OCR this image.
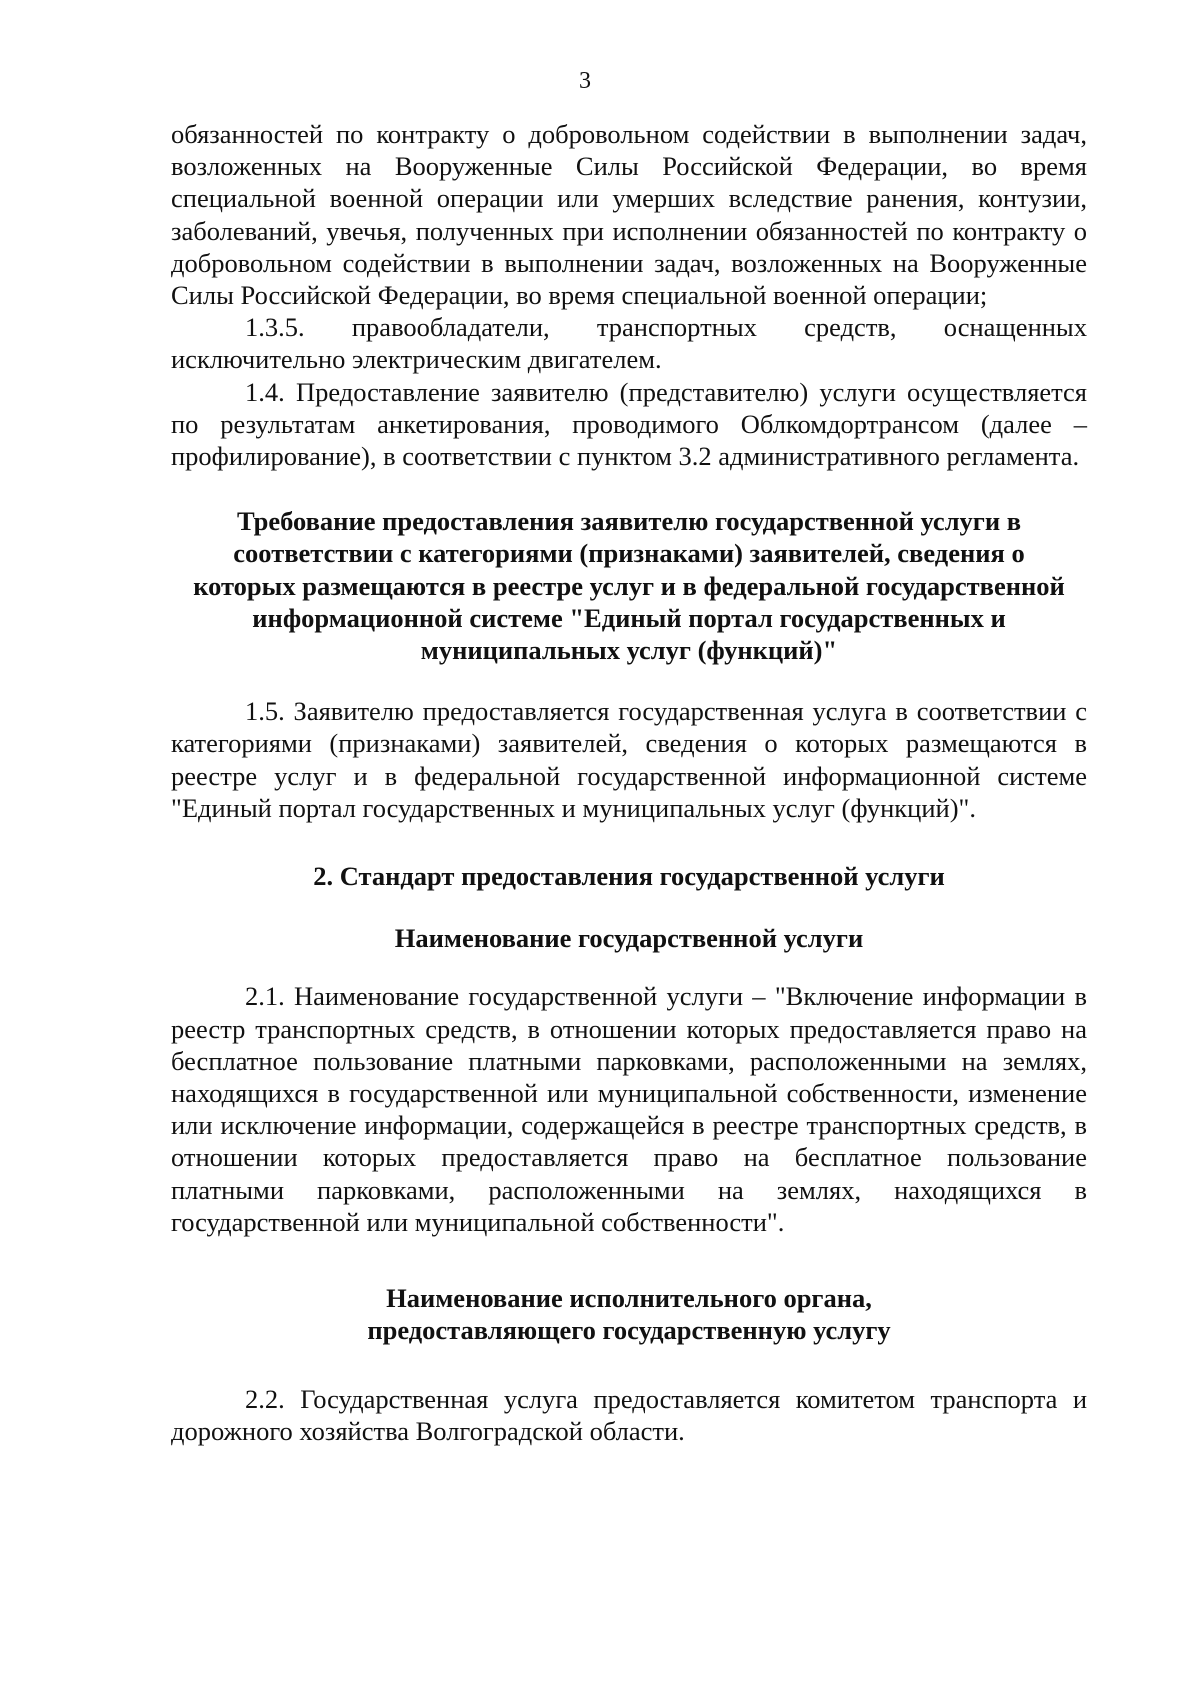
3

обязанностей по контракту о добровольном содействии в выполнении задач, возложенных на Вооруженные Силы Российской Федерации, во время специальной военной операции или умерших вследствие ранения, контузии, заболеваний, увечья, полученных при исполнении обязанностей по контракту о добровольном содействии в выполнении задач, возложенных на Вооруженные Силы Российской Федерации, во время специальной военной операции;

1.3.5. правообладатели, транспортных средств, оснащенных исключительно электрическим двигателем.

1.4. Предоставление заявителю (представителю) услуги осуществляется по результатам анкетирования, проводимого Облкомдортрансом (далее – профилирование), в соответствии с пунктом 3.2 административного регламента.

Требование предоставления заявителю государственной услуги в соответствии с категориями (признаками) заявителей, сведения о которых размещаются в реестре услуг и в федеральной государственной информационной системе "Единый портал государственных и муниципальных услуг (функций)"

1.5. Заявителю предоставляется государственная услуга в соответствии с категориями (признаками) заявителей, сведения о которых размещаются в реестре услуг и в федеральной государственной информационной системе "Единый портал государственных и муниципальных услуг (функций)".

2. Стандарт предоставления государственной услуги
Наименование государственной услуги

2.1. Наименование государственной услуги – "Включение информации в реестр транспортных средств, в отношении которых предоставляется право на бесплатное пользование платными парковками, расположенными на землях, находящихся в государственной или муниципальной собственности, изменение или исключение информации, содержащейся в реестре транспортных средств, в отношении которых предоставляется право на бесплатное пользование платными парковками, расположенными на землях, находящихся в государственной или муниципальной собственности".

Наименование исполнительного органа,
предоставляющего государственную услугу

2.2. Государственная услуга предоставляется комитетом транспорта и дорожного хозяйства Волгоградской области.
